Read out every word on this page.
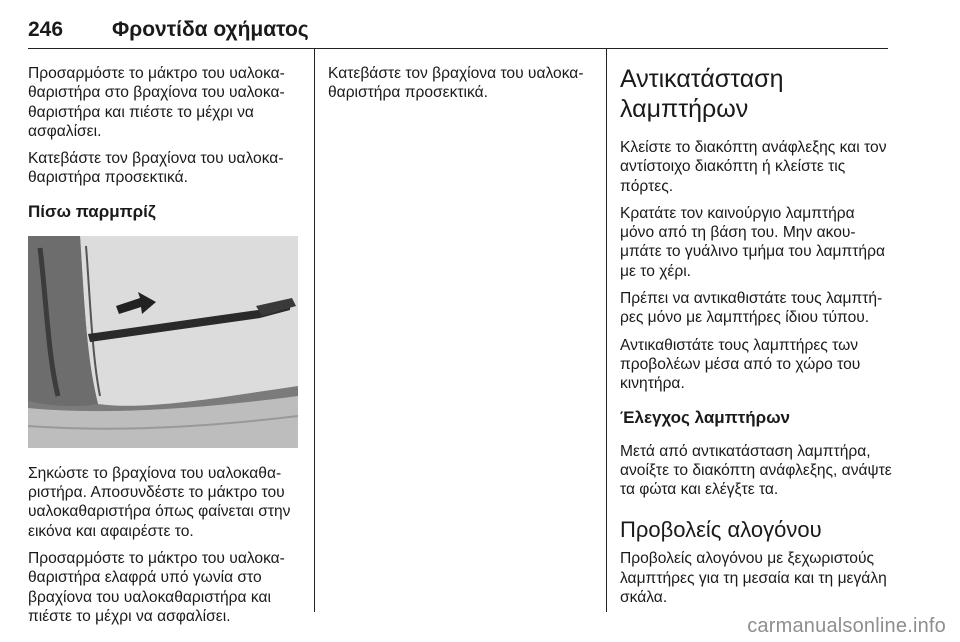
246 Φροντίδα οχήματος

Προσαρμόστε το μάκτρο του υαλοκα‐ θαριστήρα στο βραχίονα του υαλοκα‐ θαριστήρα και πιέστε το μέχρι να ασφαλίσει.

Κατεβάστε τον βραχίονα του υαλοκα‐ θαριστήρα προσεκτικά.

Πίσω παρμπρίζ

Σηκώστε το βραχίονα του υαλοκαθα‐ ριστήρα. Αποσυνδέστε το μάκτρο του υαλοκαθαριστήρα όπως φαίνεται στην εικόνα και αφαιρέστε το.

Προσαρμόστε το μάκτρο του υαλοκα‐ θαριστήρα ελαφρά υπό γωνία στο βραχίονα του υαλοκαθαριστήρα και πιέστε το μέχρι να ασφαλίσει.

Κατεβάστε τον βραχίονα του υαλοκα‐ θαριστήρα προσεκτικά.	Αντικατάσταση λαμπτήρων

Κλείστε το διακόπτη ανάφλεξης και τον αντίστοιχο διακόπτη ή κλείστε τις πόρτες.

Κρατάτε τον καινούργιο λαμπτήρα μόνο από τη βάση του. Μην ακου‐ μπάτε το γυάλινο τμήμα του λαμπτήρα με το χέρι.

Πρέπει να αντικαθιστάτε τους λαμπτή‐ ρες μόνο με λαμπτήρες ίδιου τύπου.

Αντικαθιστάτε τους λαμπτήρες των προβολέων μέσα από το χώρο του κινητήρα.

Έλεγχος λαμπτήρων

Μετά από αντικατάσταση λαμπτήρα, ανοίξτε το διακόπτη ανάφλεξης, ανάψτε τα φώτα και ελέγξτε τα.

Προβολείς αλογόνου

Προβολείς αλογόνου με ξεχωριστούς λαμπτήρες για τη μεσαία και τη μεγάλη σκάλα.

carmanualsonline.info
